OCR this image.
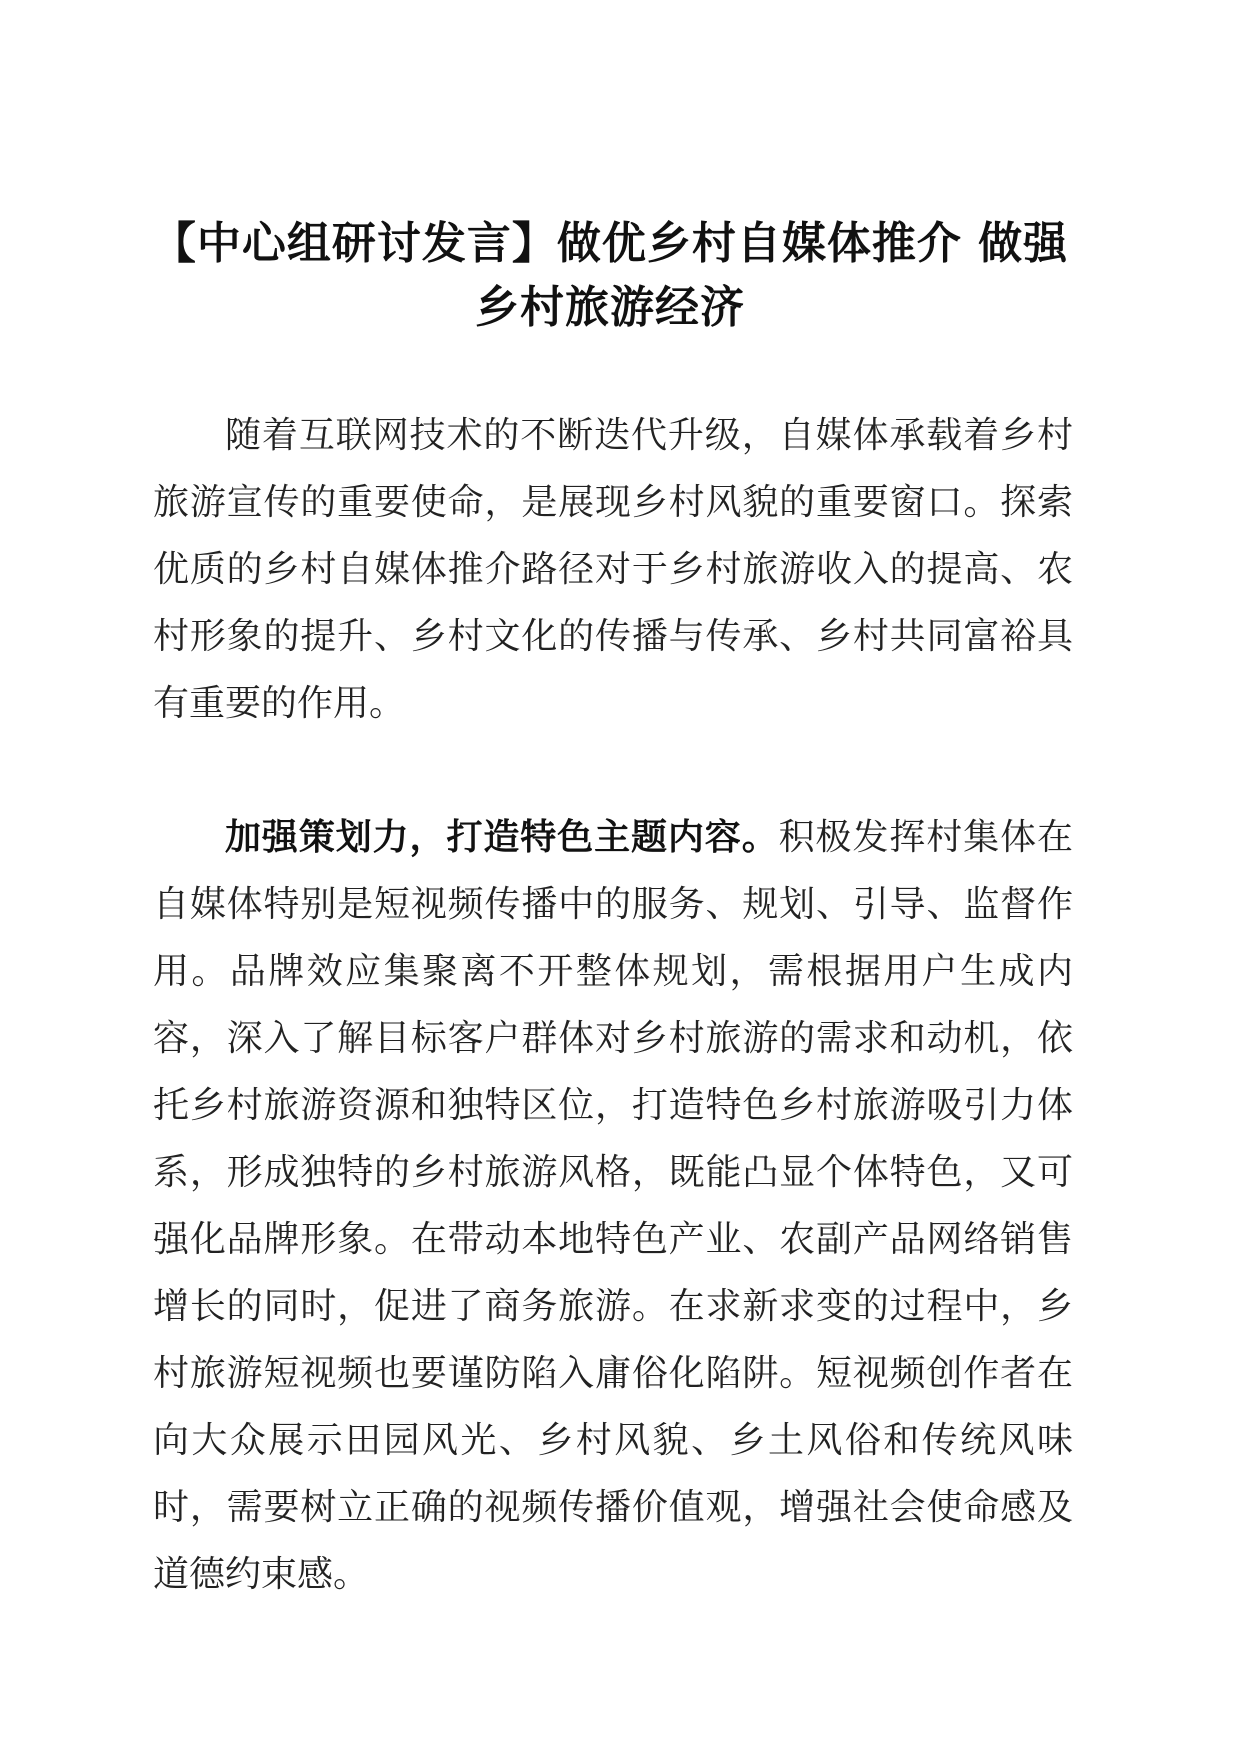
【中心组研讨发言】做优乡村自媒体推介 做强乡村旅游经济

随着互联网技术的不断迭代升级，自媒体承载着乡村旅游宣传的重要使命，是展现乡村风貌的重要窗口。探索优质的乡村自媒体推介路径对于乡村旅游收入的提高、农村形象的提升、乡村文化的传播与传承、乡村共同富裕具有重要的作用。

加强策划力，打造特色主题内容。积极发挥村集体在自媒体特别是短视频传播中的服务、规划、引导、监督作用。品牌效应集聚离不开整体规划，需根据用户生成内容，深入了解目标客户群体对乡村旅游的需求和动机，依托乡村旅游资源和独特区位，打造特色乡村旅游吸引力体系，形成独特的乡村旅游风格，既能凸显个体特色，又可强化品牌形象。在带动本地特色产业、农副产品网络销售增长的同时，促进了商务旅游。在求新求变的过程中，乡村旅游短视频也要谨防陷入庸俗化陷阱。短视频创作者在向大众展示田园风光、乡村风貌、乡土风俗和传统风味时，需要树立正确的视频传播价值观，增强社会使命感及道德约束感。
